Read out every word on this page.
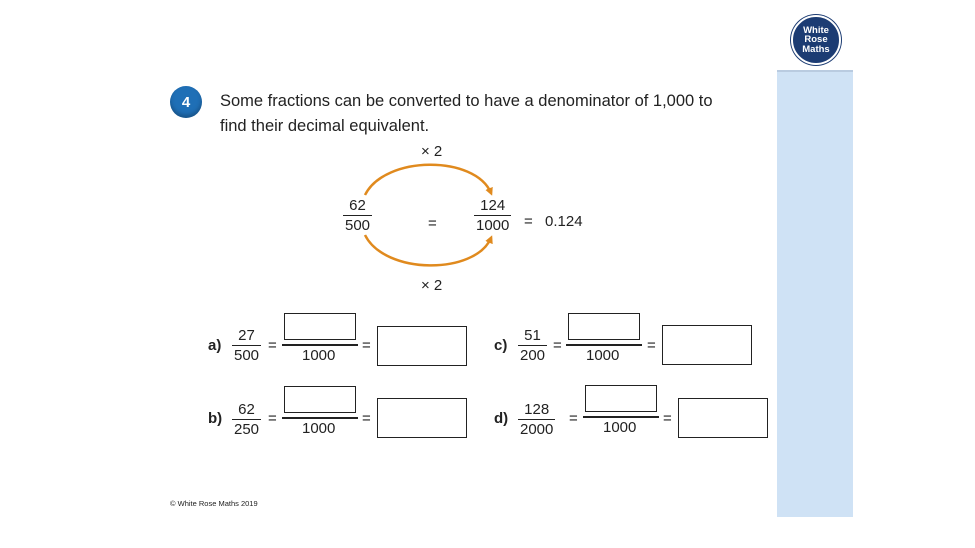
White
Rose
Maths
4	Some fractions can be converted to have a denominator of 1,000 to find their decimal equivalent.
× 2
× 2
$\frac{62}{500}$	= $\frac{124}{1000} = 0.124$
$a) \frac{27}{500}$ =
1000
=
$b) \frac{62}{250}$ =
1000
=
$c) \frac{51}{200}$ =
1000
=
$d) \frac{128}{2000}$ =
1000
=
© White Rose Maths 2019
